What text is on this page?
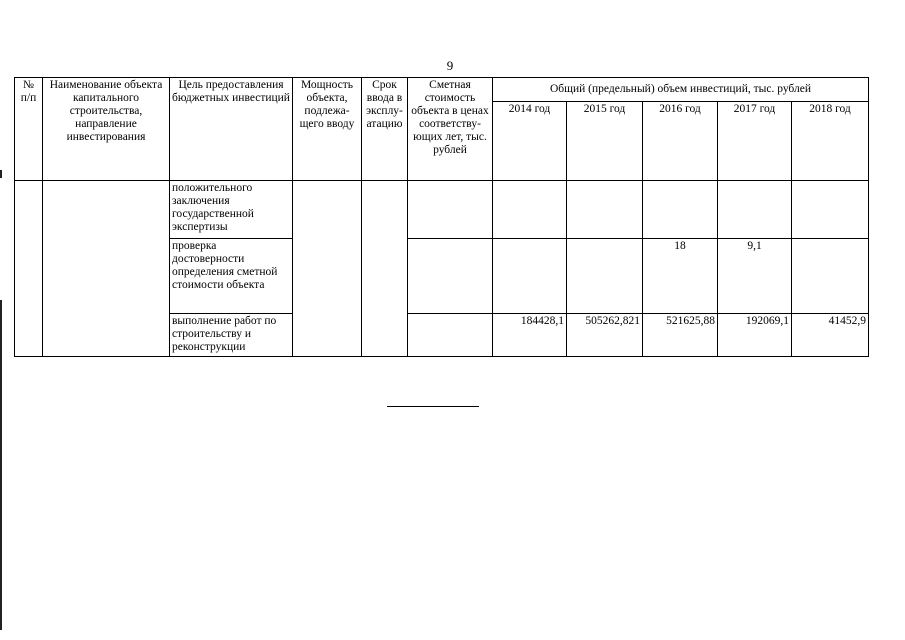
9
№ п/п	Наименование объекта капитального строительства, направление инвестирования	Цель предоставления бюджетных инвестиций	Мощность объекта, подлежа-щего вводу	Срок ввода в эксплу-атацию	Сметная стоимость объекта в ценах соответству-ющих лет, тыс. рублей	Общий (предельный) объем инвестиций, тыс. рублей				
						2014 год	2015 год	2016 год	2017 год	2018 год
		положительного заключения государственной экспертизы								
		проверка достоверности определения сметной стоимости объекта						18	9,1	
		выполнение работ по строительству и реконструкции				184428,1	505262,821	521625,88	192069,1	41452,9
